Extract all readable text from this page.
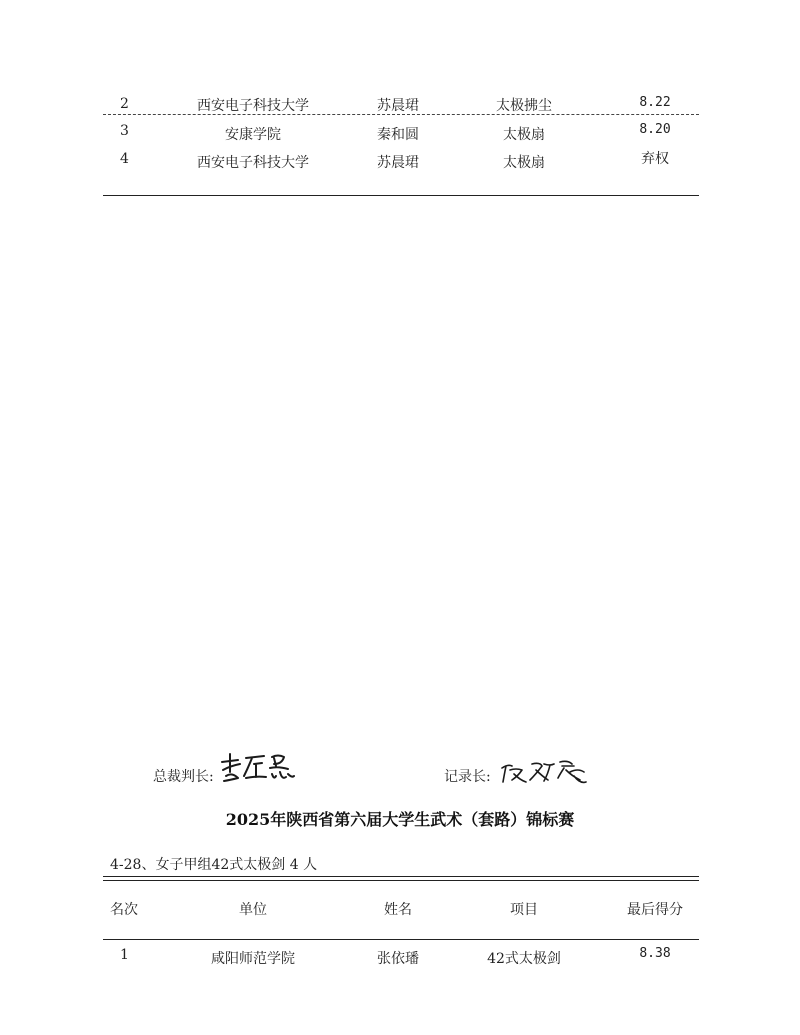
2	西安电子科技大学	苏晨珺	太极拂尘	8.22
3	安康学院	秦和圆	太极扇	8.20
4	西安电子科技大学	苏晨珺	太极扇	弃权
总裁判长:	记录长:
2025年陕西省第六届大学生武术（套路）锦标赛
4-28、女子甲组42式太极剑 4 人
名次	单位	姓名	项目	最后得分
1	咸阳师范学院	张依璠	42式太极剑	8.38
